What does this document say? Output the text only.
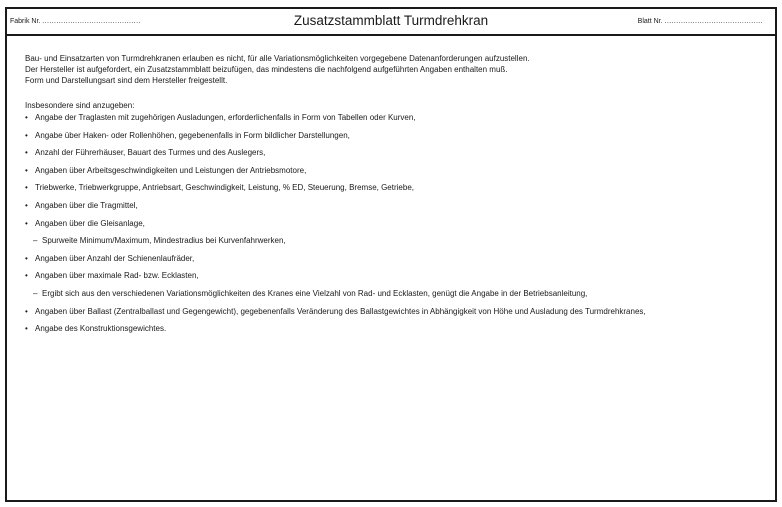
Fabrik Nr. ..........................................	Zusatzstammblatt Turmdrehkran	Blatt Nr. ..........................................

Bau- und Einsatzarten von Turmdrehkranen erlauben es nicht, für alle Variationsmöglichkeiten vorgegebene Datenanforderungen aufzustellen.

Der Hersteller ist aufgefordert, ein Zusatzstammblatt beizufügen, das mindestens die nachfolgend aufgeführten Angaben enthalten muß.

Form und Darstellungsart sind dem Hersteller freigestellt.

Insbesondere sind anzugeben:

• Angabe der Traglasten mit zugehörigen Ausladungen, erforderlichenfalls in Form von Tabellen oder Kurven,
• Angabe über Haken- oder Rollenhöhen, gegebenenfalls in Form bildlicher Darstellungen,
• Anzahl der Führerhäuser, Bauart des Turmes und des Auslegers,
• Angaben über Arbeitsgeschwindigkeiten und Leistungen der Antriebsmotore,
• Triebwerke, Triebwerkgruppe, Antriebsart, Geschwindigkeit, Leistung, % ED, Steuerung, Bremse, Getriebe,
• Angaben über die Tragmittel,
• Angaben über die Gleisanlage,
– Spurweite Minimum/Maximum, Mindestradius bei Kurvenfahrwerken,
• Angaben über Anzahl der Schienenlaufräder,
• Angaben über maximale Rad- bzw. Ecklasten,
– Ergibt sich aus den verschiedenen Variationsmöglichkeiten des Kranes eine Vielzahl von Rad- und Ecklasten, genügt die Angabe in der Betriebsanleitung,
• Angaben über Ballast (Zentralballast und Gegengewicht), gegebenenfalls Veränderung des Ballastgewichtes in Abhängigkeit von Höhe und Ausladung des Turmdrehkranes,
• Angabe des Konstruktionsgewichtes.
